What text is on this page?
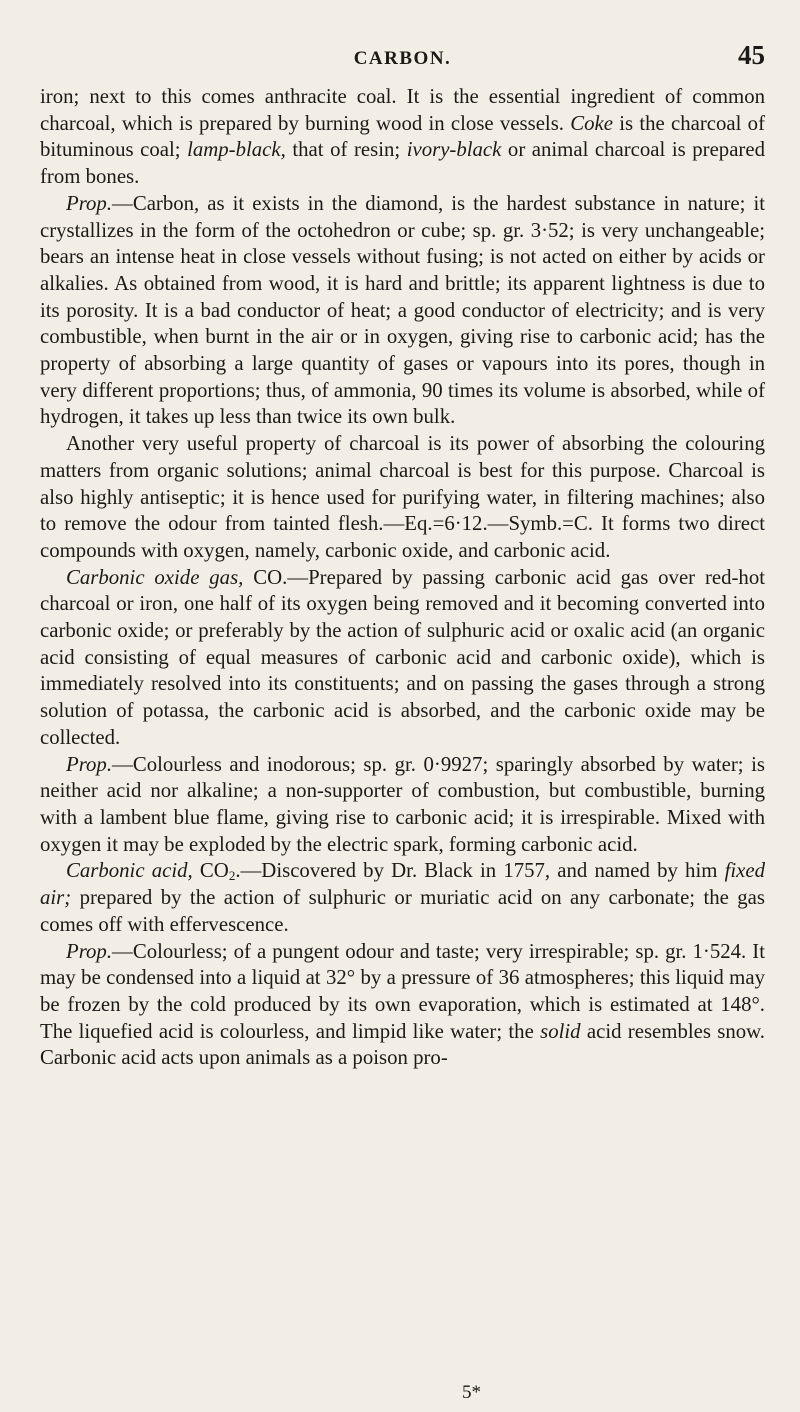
CARBON.	45

iron; next to this comes anthracite coal. It is the essential ingredient of common charcoal, which is prepared by burning wood in close vessels. Coke is the charcoal of bituminous coal; lamp-black, that of resin; ivory-black or animal charcoal is prepared from bones.

Prop.—Carbon, as it exists in the diamond, is the hardest substance in nature; it crystallizes in the form of the octohedron or cube; sp. gr. 3·52; is very unchangeable; bears an intense heat in close vessels without fusing; is not acted on either by acids or alkalies. As obtained from wood, it is hard and brittle; its apparent lightness is due to its porosity. It is a bad conductor of heat; a good conductor of electricity; and is very combustible, when burnt in the air or in oxygen, giving rise to carbonic acid; has the property of absorbing a large quantity of gases or vapours into its pores, though in very different proportions; thus, of ammonia, 90 times its volume is absorbed, while of hydrogen, it takes up less than twice its own bulk.

Another very useful property of charcoal is its power of absorbing the colouring matters from organic solutions; animal charcoal is best for this purpose. Charcoal is also highly antiseptic; it is hence used for purifying water, in filtering machines; also to remove the odour from tainted flesh.—Eq.=6·12.—Symb.=C. It forms two direct compounds with oxygen, namely, carbonic oxide, and carbonic acid.

Carbonic oxide gas, CO.—Prepared by passing carbonic acid gas over red-hot charcoal or iron, one half of its oxygen being removed and it becoming converted into carbonic oxide; or preferably by the action of sulphuric acid or oxalic acid (an organic acid consisting of equal measures of carbonic acid and carbonic oxide), which is immediately resolved into its constituents; and on passing the gases through a strong solution of potassa, the carbonic acid is absorbed, and the carbonic oxide may be collected.

Prop.—Colourless and inodorous; sp. gr. 0·9927; sparingly absorbed by water; is neither acid nor alkaline; a non-supporter of combustion, but combustible, burning with a lambent blue flame, giving rise to carbonic acid; it is irrespirable. Mixed with oxygen it may be exploded by the electric spark, forming carbonic acid.

Carbonic acid, $CO_2.—Discovered$ by Dr. Black in 1757, and named by him fixed air; prepared by the action of sulphuric or muriatic acid on any carbonate; the gas comes off with effervescence.

Prop.—Colourless; of a pungent odour and taste; very irrespirable; sp. gr. 1·524. It may be condensed into a liquid at 32° by a pressure of 36 atmospheres; this liquid may be frozen by the cold produced by its own evaporation, which is estimated at 148°. The liquefied acid is colourless, and limpid like water; the solid acid resembles snow. Carbonic acid acts upon animals as a poison pro-

5*
